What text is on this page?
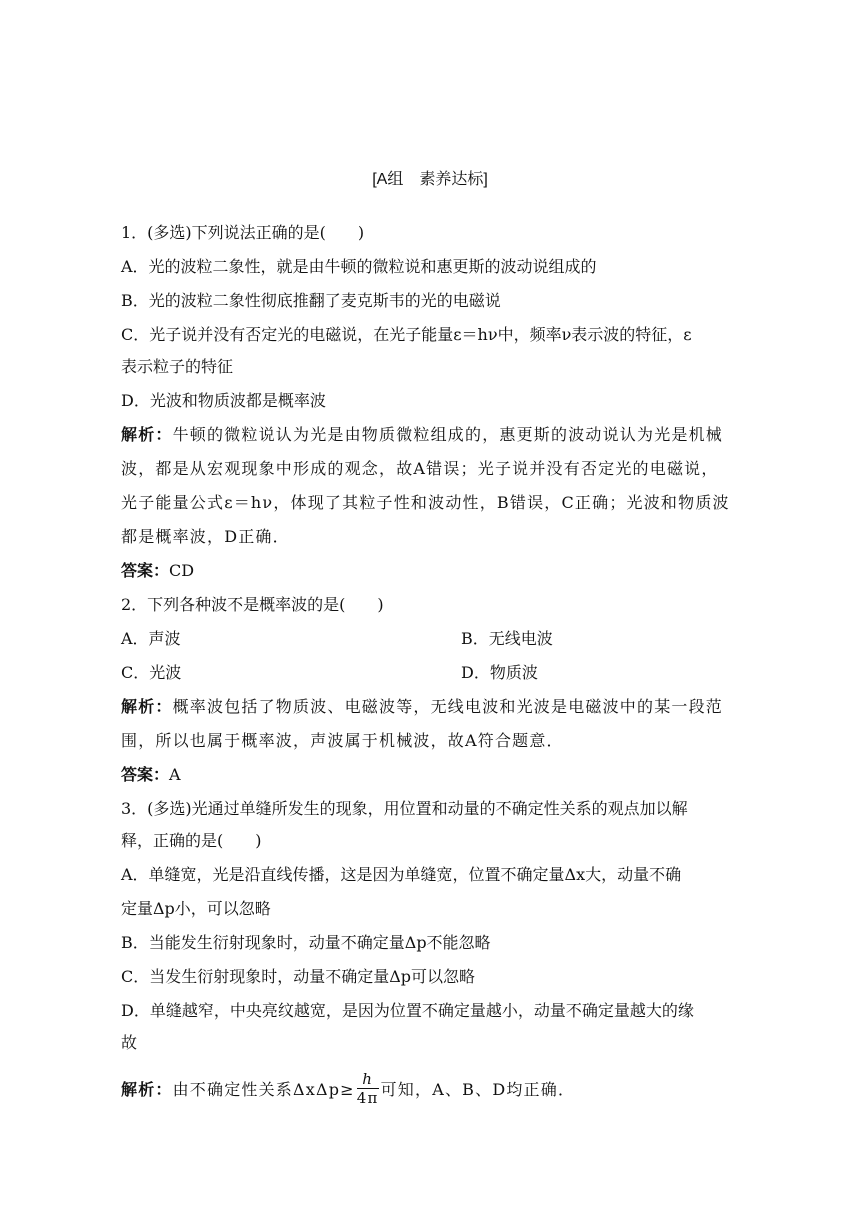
[A组　素养达标]
1．(多选)下列说法正确的是(　　)
A．光的波粒二象性，就是由牛顿的微粒说和惠更斯的波动说组成的
B．光的波粒二象性彻底推翻了麦克斯韦的光的电磁说
C．光子说并没有否定光的电磁说，在光子能量ε＝hν中，频率ν表示波的特征，ε
表示粒子的特征
D．光波和物质波都是概率波
解析：牛顿的微粒说认为光是由物质微粒组成的，惠更斯的波动说认为光是机械
波，都是从宏观现象中形成的观念，故A错误；光子说并没有否定光的电磁说，
光子能量公式ε＝hν，体现了其粒子性和波动性，B错误，C正确；光波和物质波
都是概率波，D正确．
答案：CD
2．下列各种波不是概率波的是(　　)
A．声波	B．无线电波
C．光波	D．物质波
解析：概率波包括了物质波、电磁波等，无线电波和光波是电磁波中的某一段范
围，所以也属于概率波，声波属于机械波，故A符合题意．
答案：A
3．(多选)光通过单缝所发生的现象，用位置和动量的不确定性关系的观点加以解
释，正确的是(　　)
A．单缝宽，光是沿直线传播，这是因为单缝宽，位置不确定量Δx大，动量不确
定量Δp小，可以忽略
B．当能发生衍射现象时，动量不确定量Δp不能忽略
C．当发生衍射现象时，动量不确定量Δp可以忽略
D．单缝越窄，中央亮纹越宽，是因为位置不确定量越小，动量不确定量越大的缘
故
解析：由不确定性关系$\Delta x\Delta p\ge \frac{h}{4\pi}$ 可知，A、B、D均正确．
